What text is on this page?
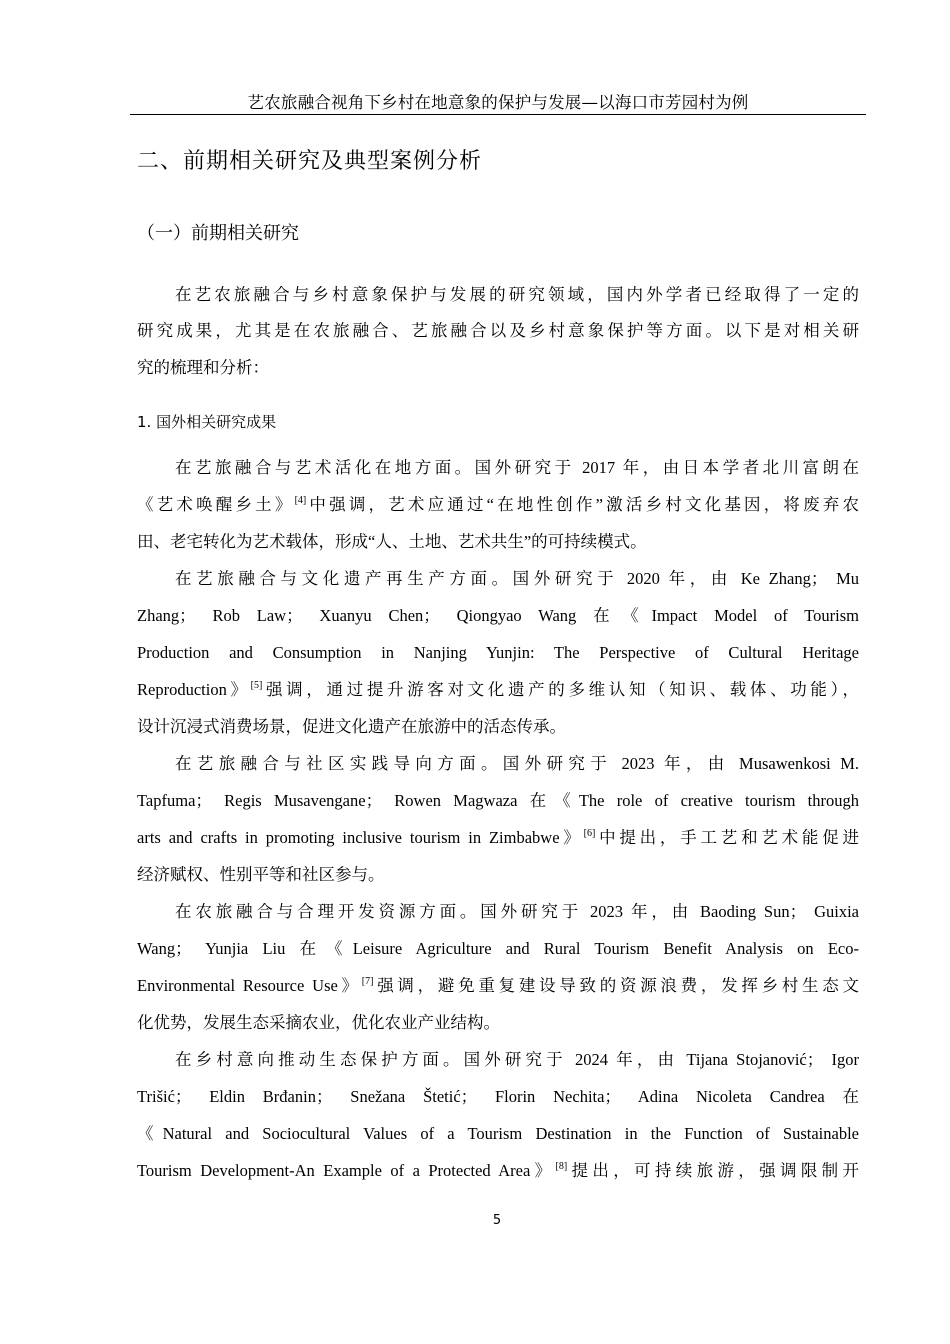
艺农旅融合视角下乡村在地意象的保护与发展—以海口市芳园村为例
二、前期相关研究及典型案例分析
（一）前期相关研究
在艺农旅融合与乡村意象保护与发展的研究领域，国内外学者已经取得了一定的
研究成果，尤其是在农旅融合、艺旅融合以及乡村意象保护等方面。以下是对相关研
究的梳理和分析：
1. 国外相关研究成果
在艺旅融合与艺术活化在地方面。国外研究于 2017 年，由日本学者北川富朗在
《艺术唤醒乡土》[4]中强调，艺术应通过“在地性创作”激活乡村文化基因，将废弃农
田、老宅转化为艺术载体，形成“人、土地、艺术共生”的可持续模式。
在艺旅融合与文化遗产再生产方面。国外研究于 2020 年，由 Ke Zhang； Mu
Zhang； Rob Law； Xuanyu Chen； Qiongyao Wang 在《Impact Model of Tourism
Production and Consumption in Nanjing Yunjin: The Perspective of Cultural Heritage
Reproduction》[5]强调，通过提升游客对文化遗产的多维认知（知识、载体、功能），
设计沉浸式消费场景，促进文化遗产在旅游中的活态传承。
在艺旅融合与社区实践导向方面。国外研究于 2023 年，由 Musawenkosi M.
Tapfuma； Regis Musavengane； Rowen Magwaza 在《The role of creative tourism through
arts and crafts in promoting inclusive tourism in Zimbabwe》[6]中提出，手工艺和艺术能促进
经济赋权、性别平等和社区参与。
在农旅融合与合理开发资源方面。国外研究于 2023 年，由 Baoding Sun； Guixia
Wang； Yunjia Liu 在《Leisure Agriculture and Rural Tourism Benefit Analysis on Eco-
Environmental Resource Use》[7]强调，避免重复建设导致的资源浪费，发挥乡村生态文
化优势，发展生态采摘农业，优化农业产业结构。
在乡村意向推动生态保护方面。国外研究于 2024 年，由 Tijana Stojanović； Igor
Trišić； Eldin Brđanin； Snežana Štetić； Florin Nechita； Adina Nicoleta Candrea 在
《Natural and Sociocultural Values of a Tourism Destination in the Function of Sustainable
Tourism Development-An Example of a Protected Area》[8]提出，可持续旅游，强调限制开
5
